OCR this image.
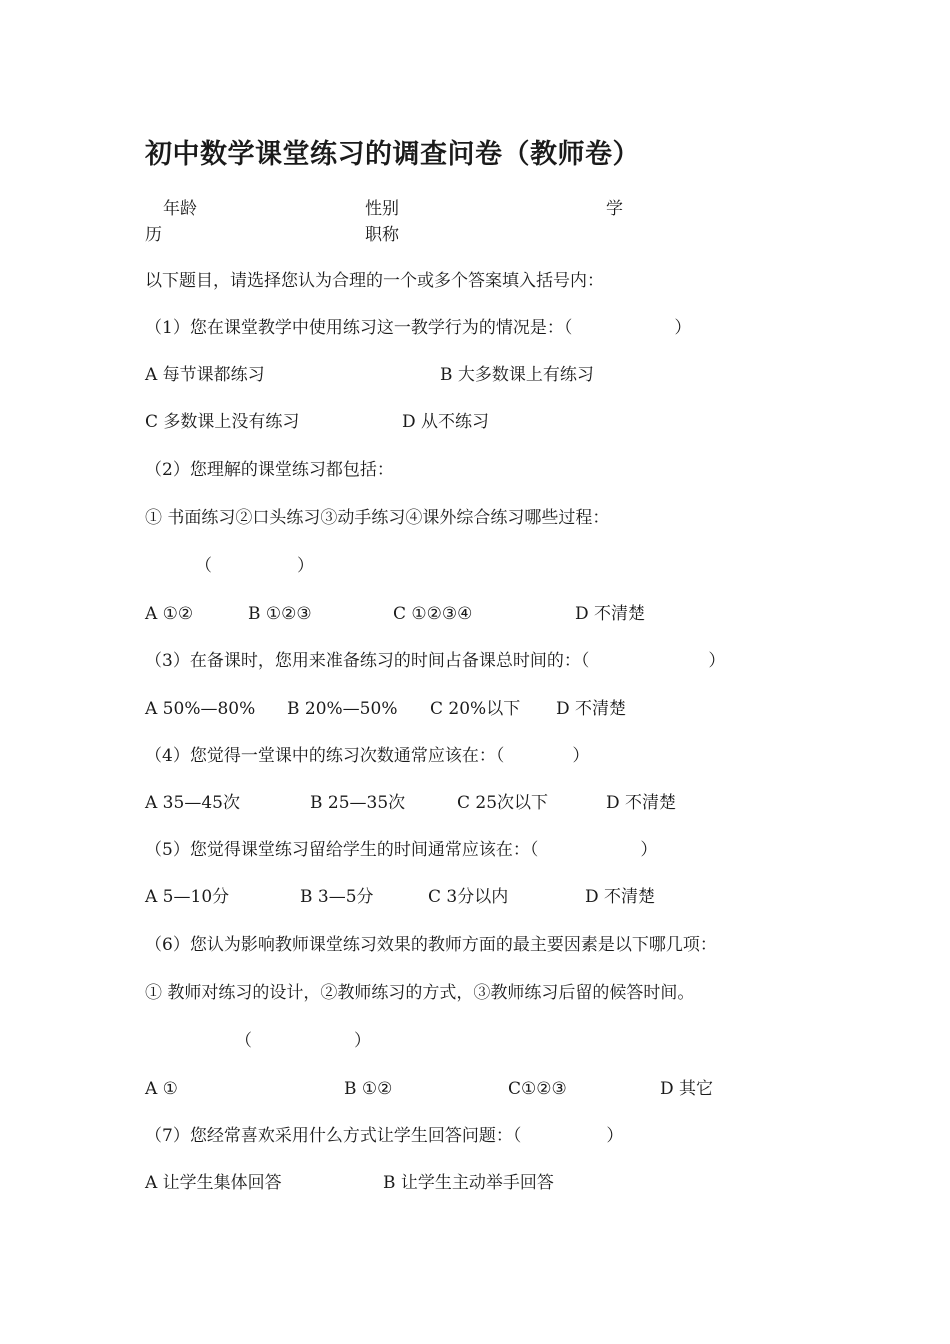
初中数学课堂练习的调查问卷（教师卷）
年龄	性别	学
历	职称
以下题目，请选择您认为合理的一个或多个答案填入括号内：
（1）您在课堂教学中使用练习这一教学行为的情况是：（　　　　　　）
A 每节课都练习	B 大多数课上有练习
C 多数课上没有练习	D 从不练习
（2）您理解的课堂练习都包括：
① 书面练习②口头练习③动手练习④课外综合练习哪些过程：
（　　　　　）
A ①②	B ①②③	C ①②③④	D 不清楚
（3）在备课时，您用来准备练习的时间占备课总时间的：（　　　　　　　）
A 50%—80% B 20%—50% C 20%以下 D 不清楚
（4）您觉得一堂课中的练习次数通常应该在：（　　　　）
A 35—45次	B 25—35次	C 25次以下	D 不清楚
（5）您觉得课堂练习留给学生的时间通常应该在：（　　　　　　）
A 5—10分	B 3—5分	C 3分以内	D 不清楚
（6）您认为影响教师课堂练习效果的教师方面的最主要因素是以下哪几项：
① 教师对练习的设计，②教师练习的方式，③教师练习后留的候答时间。
（　　　　　　）
A ①	B ①②	C①②③	D 其它
（7）您经常喜欢采用什么方式让学生回答问题：（　　　　　）
A 让学生集体回答	B 让学生主动举手回答
